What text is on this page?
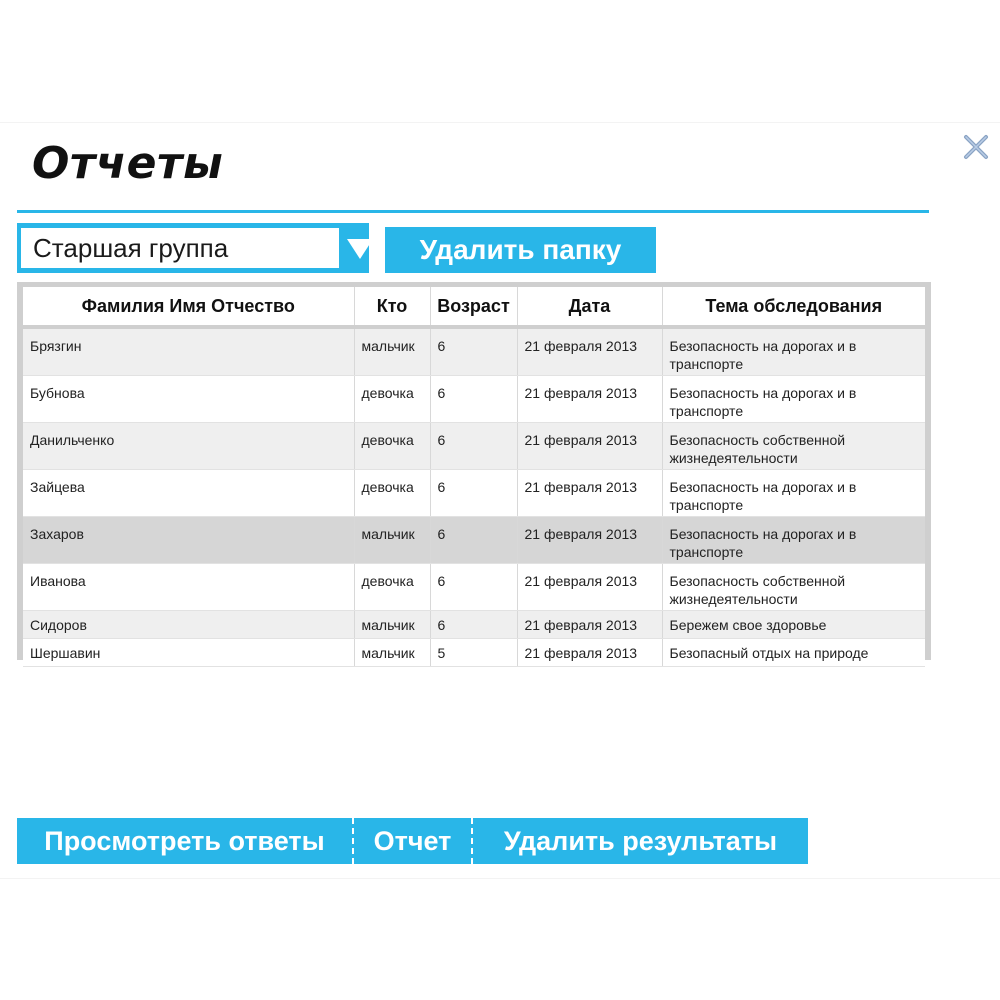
Отчеты
Старшая группа	Удалить папку
Фамилия Имя Отчество	Кто	Возраст	Дата	Тема обследования
Брязгин	мальчик	6	21 февраля 2013	Безопасность на дорогах и в транспорте
Бубнова	девочка	6	21 февраля 2013	Безопасность на дорогах и в транспорте
Данильченко	девочка	6	21 февраля 2013	Безопасность собственной жизнедеятельности
Зайцева	девочка	6	21 февраля 2013	Безопасность на дорогах и в транспорте
Захаров	мальчик	6	21 февраля 2013	Безопасность на дорогах и в транспорте
Иванова	девочка	6	21 февраля 2013	Безопасность собственной жизнедеятельности
Сидоров	мальчик	6	21 февраля 2013	Бережем свое здоровье
Шершавин	мальчик	5	21 февраля 2013	Безопасный отдых на природе
Просмотреть ответы	Отчет	Удалить результаты
